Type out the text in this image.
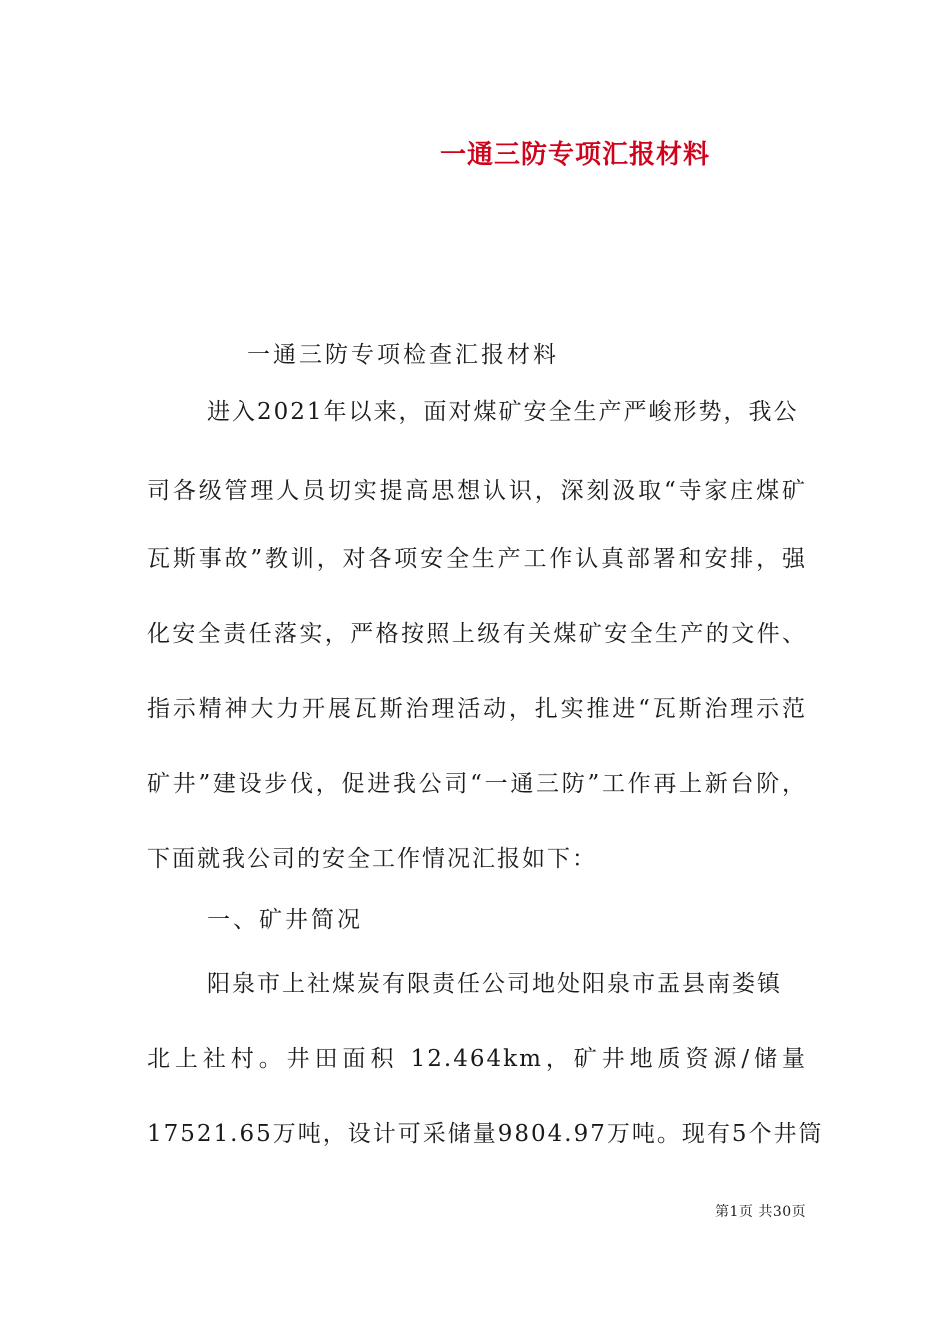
一通三防专项汇报材料
一通三防专项检查汇报材料
进入2021年以来，面对煤矿安全生产严峻形势，我公
司各级管理人员切实提高思想认识，深刻汲取“寺家庄煤矿
瓦斯事故”教训，对各项安全生产工作认真部署和安排，强
化安全责任落实，严格按照上级有关煤矿安全生产的文件、
指示精神大力开展瓦斯治理活动，扎实推进“瓦斯治理示范
矿井”建设步伐，促进我公司“一通三防”工作再上新台阶，
下面就我公司的安全工作情况汇报如下：
一、矿井简况
阳泉市上社煤炭有限责任公司地处阳泉市盂县南娄镇
北上社村。井田面积 12.464km，矿井地质资源/储量
17521.65万吨，设计可采储量9804.97万吨。现有5个井筒
第1页 共30页
